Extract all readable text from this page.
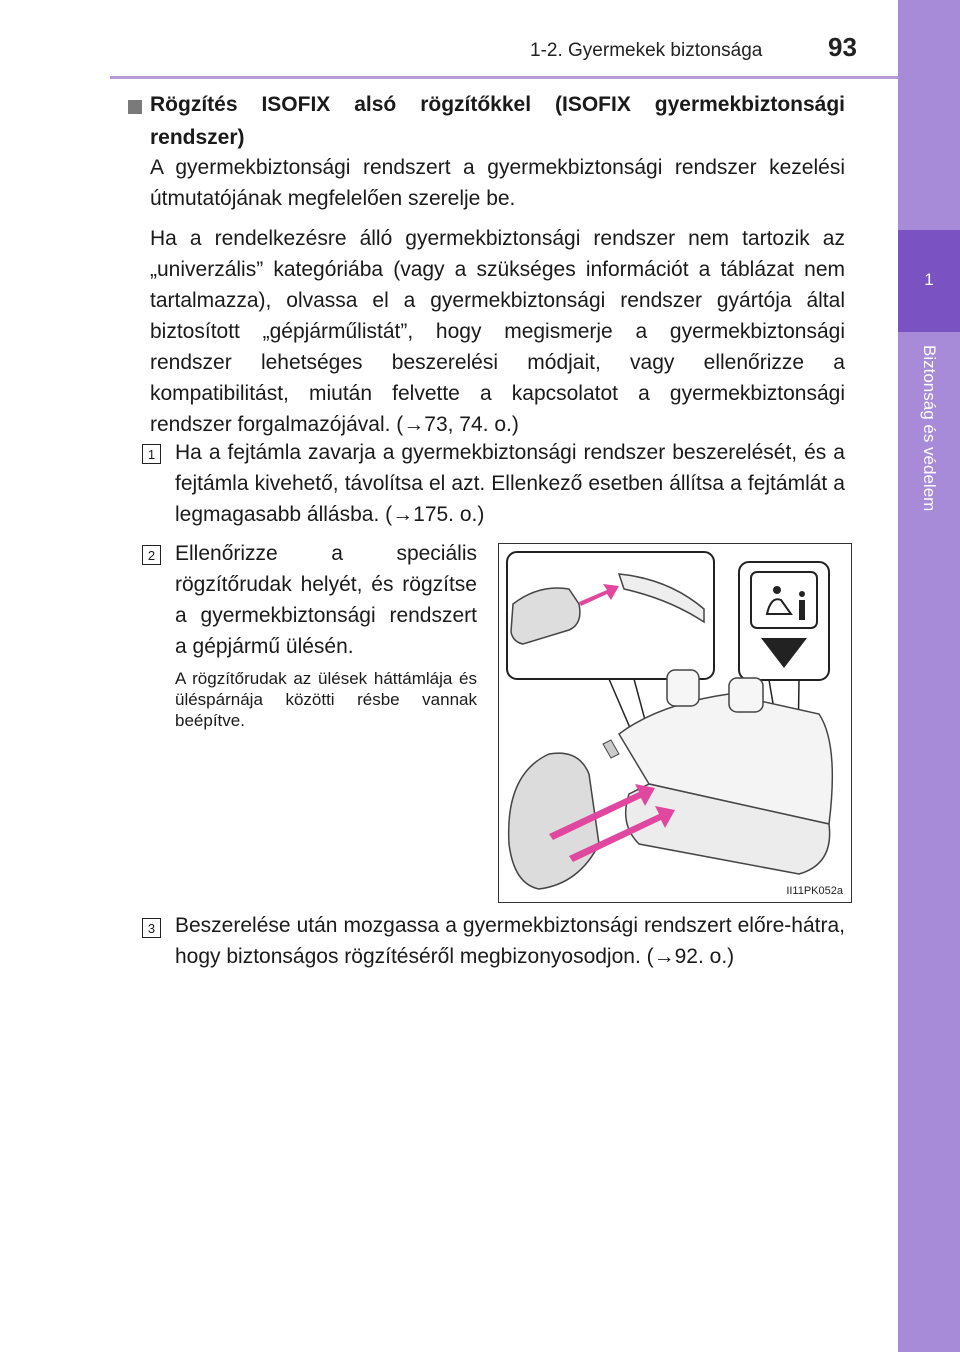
1-2. Gyermekek biztonsága	93
1
Biztonság és védelem
Rögzítés ISOFIX alsó rögzítőkkel (ISOFIX gyermekbiztonsági rendszer)
A gyermekbiztonsági rendszert a gyermekbiztonsági rendszer kezelési útmutatójának megfelelően szerelje be.
Ha a rendelkezésre álló gyermekbiztonsági rendszer nem tartozik az „univerzális” kategóriába (vagy a szükséges információt a táblázat nem tartalmazza), olvassa el a gyermekbiztonsági rendszer gyártója által biztosított „gépjárműlistát”, hogy megismerje a gyermekbiztonsági rendszer lehetséges beszerelési módjait, vagy ellenőrizze a kompatibilitást, miután felvette a kapcsolatot a gyermekbiztonsági rendszer forgalmazójával. (→73, 74. o.)
1 Ha a fejtámla zavarja a gyermekbiztonsági rendszer beszerelését, és a fejtámla kivehető, távolítsa el azt. Ellenkező esetben állítsa a fejtámlát a legmagasabb állásba. (→175. o.)
2 Ellenőrizze a speciális rögzítőrudak helyét, és rögzítse a gyermekbiztonsági rendszert a gépjármű ülésén.
A rögzítőrudak az ülések háttámlája és üléspárnája közötti résbe vannak beépítve.
II11PK052a
3 Beszerelése után mozgassa a gyermekbiztonsági rendszert előre-hátra, hogy biztonságos rögzítéséről megbizonyosodjon. (→92. o.)
